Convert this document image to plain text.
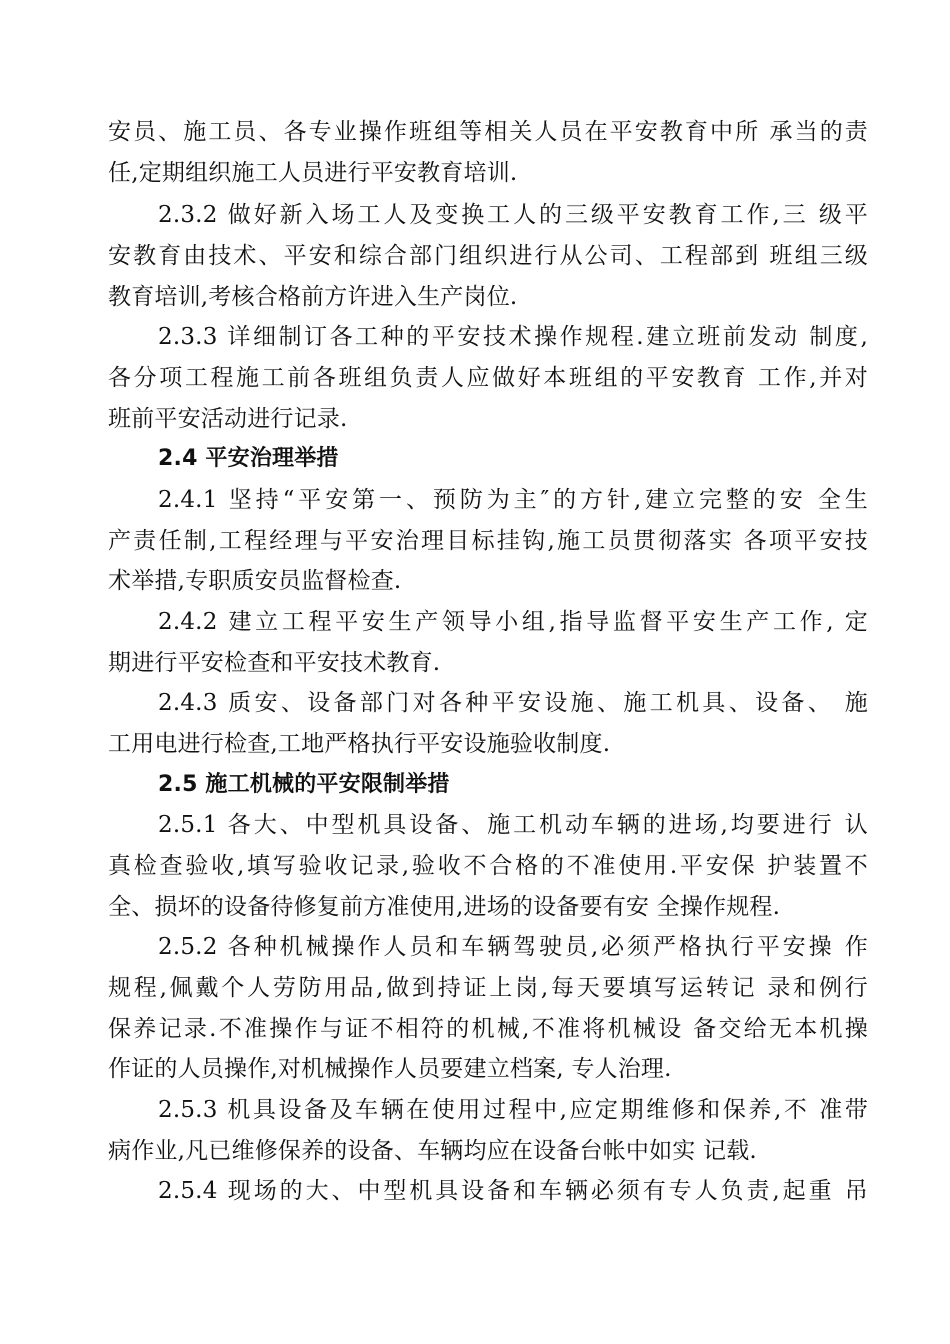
安员、施工员、各专业操作班组等相关人员在平安教育中所 承当的责
任,定期组织施工人员进行平安教育培训.
2.3.2 做好新入场工人及变换工人的三级平安教育工作,三 级平
安教育由技术、平安和综合部门组织进行从公司、工程部到 班组三级
教育培训,考核合格前方许进入生产岗位.
2.3.3 详细制订各工种的平安技术操作规程.建立班前发动 制度,
各分项工程施工前各班组负责人应做好本班组的平安教育 工作,并对
班前平安活动进行记录.
2.4 平安治理举措
2.4.1 坚持“平安第一、预防为主″的方针,建立完整的安 全生
产责任制,工程经理与平安治理目标挂钩,施工员贯彻落实 各项平安技
术举措,专职质安员监督检查.
2.4.2 建立工程平安生产领导小组,指导监督平安生产工作, 定
期进行平安检查和平安技术教育.
2.4.3 质安、设备部门对各种平安设施、施工机具、设备、 施
工用电进行检查,工地严格执行平安设施验收制度.
2.5 施工机械的平安限制举措
2.5.1 各大、中型机具设备、施工机动车辆的进场,均要进行 认
真检查验收,填写验收记录,验收不合格的不准使用.平安保 护装置不
全、损坏的设备待修复前方准使用,进场的设备要有安 全操作规程.
2.5.2 各种机械操作人员和车辆驾驶员,必须严格执行平安操 作
规程,佩戴个人劳防用品,做到持证上岗,每天要填写运转记 录和例行
保养记录.不准操作与证不相符的机械,不准将机械设 备交给无本机操
作证的人员操作,对机械操作人员要建立档案, 专人治理.
2.5.3 机具设备及车辆在使用过程中,应定期维修和保养,不 准带
病作业,凡已维修保养的设备、车辆均应在设备台帐中如实 记载.
2.5.4 现场的大、中型机具设备和车辆必须有专人负责,起重 吊
